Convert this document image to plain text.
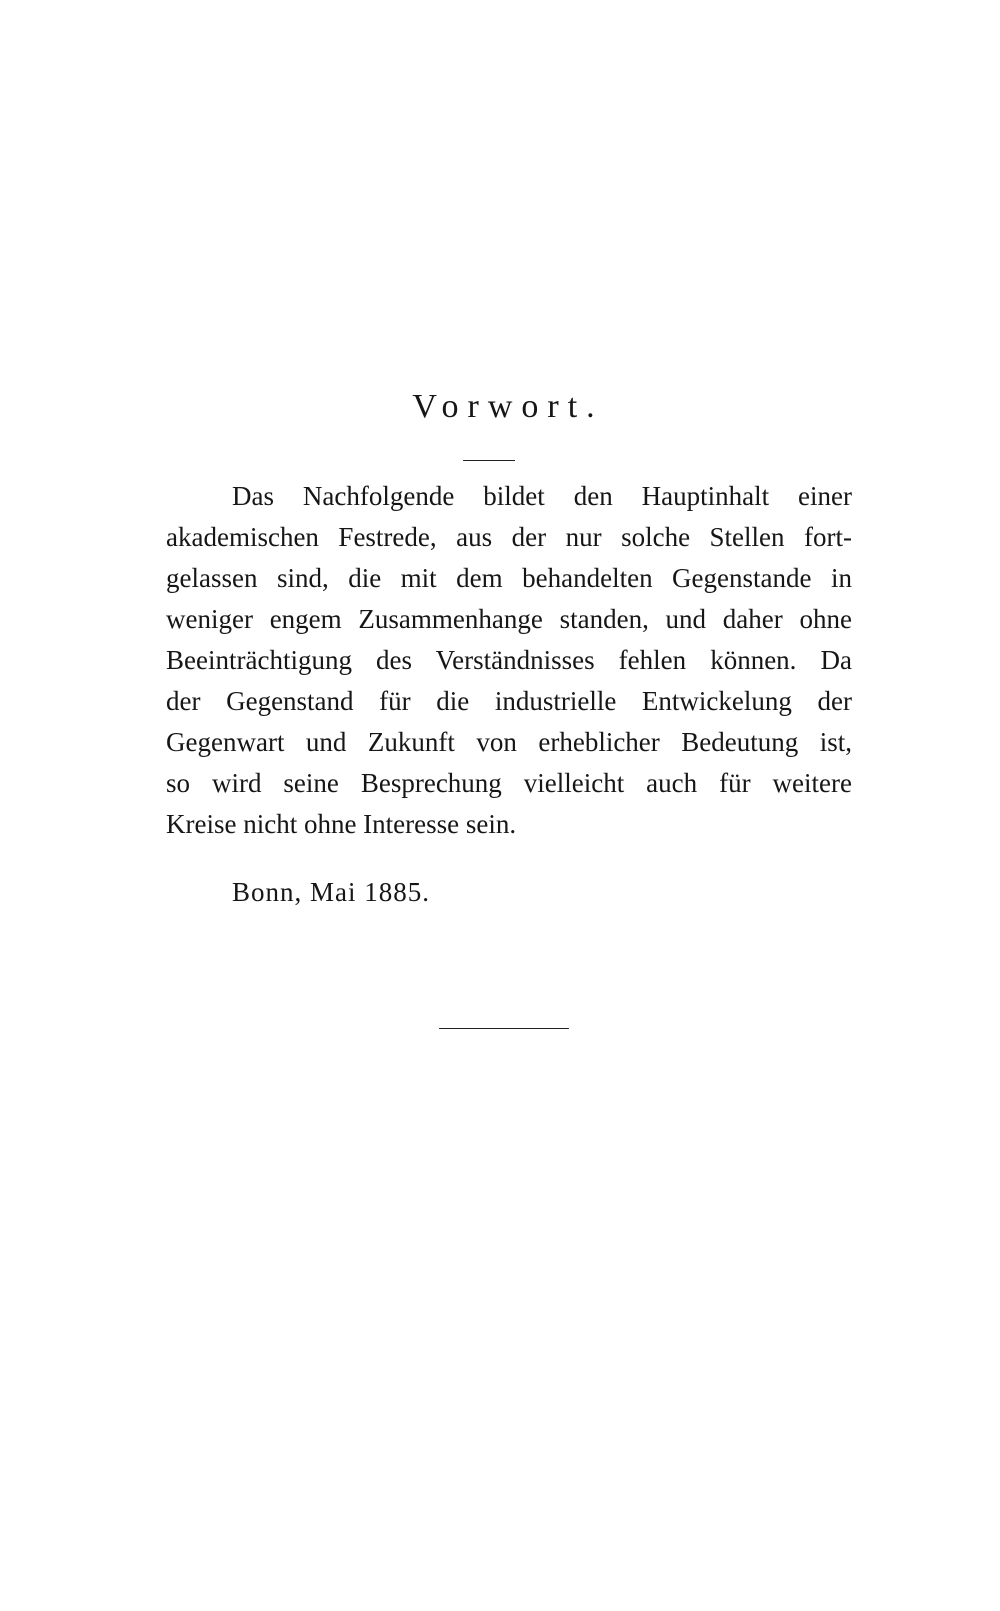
Vorwort.
Das Nachfolgende bildet den Hauptinhalt einer
akademischen Festrede, aus der nur solche Stellen fort-
gelassen sind, die mit dem behandelten Gegenstande in
weniger engem Zusammenhange standen, und daher ohne
Beeinträchtigung des Verständnisses fehlen können. Da
der Gegenstand für die industrielle Entwickelung der
Gegenwart und Zukunft von erheblicher Bedeutung ist,
so wird seine Besprechung vielleicht auch für weitere
Kreise nicht ohne Interesse sein.
Bonn, Mai 1885.
